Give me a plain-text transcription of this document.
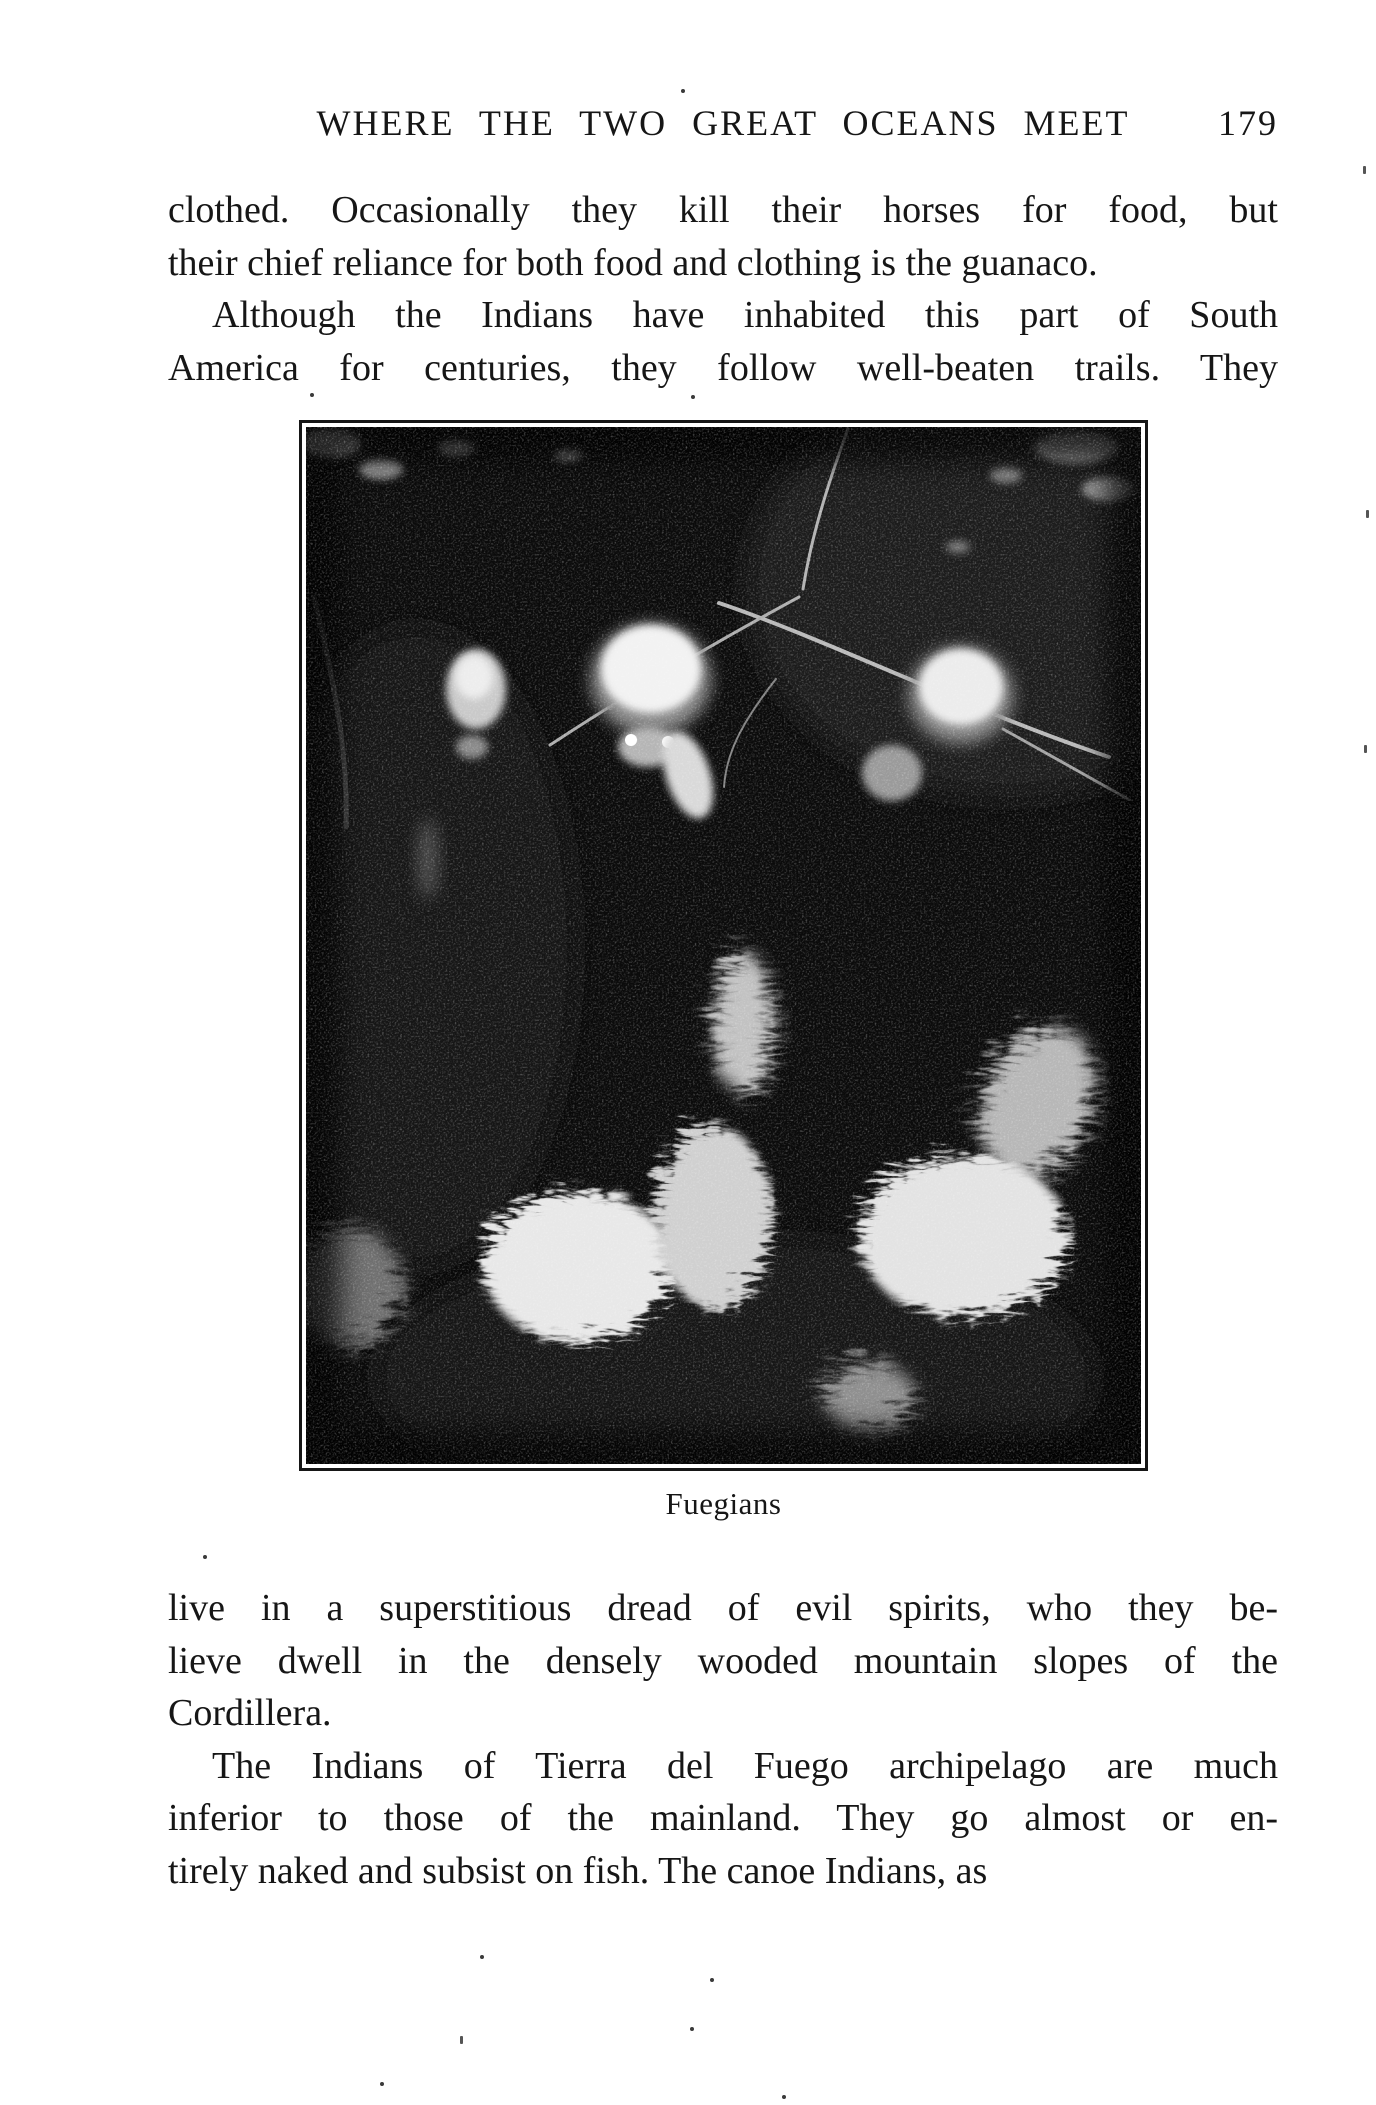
WHERE THE TWO GREAT OCEANS MEET	179
clothed. Occasionally they kill their horses for food, but
their chief reliance for both food and clothing is the guanaco.
Although the Indians have inhabited this part of South
America for centuries, they follow well-beaten trails. They
Fuegians
live in a superstitious dread of evil spirits, who they be-
lieve dwell in the densely wooded mountain slopes of the
Cordillera.
The Indians of Tierra del Fuego archipelago are much
inferior to those of the mainland. They go almost or en-
tirely naked and subsist on fish. The canoe Indians, as
